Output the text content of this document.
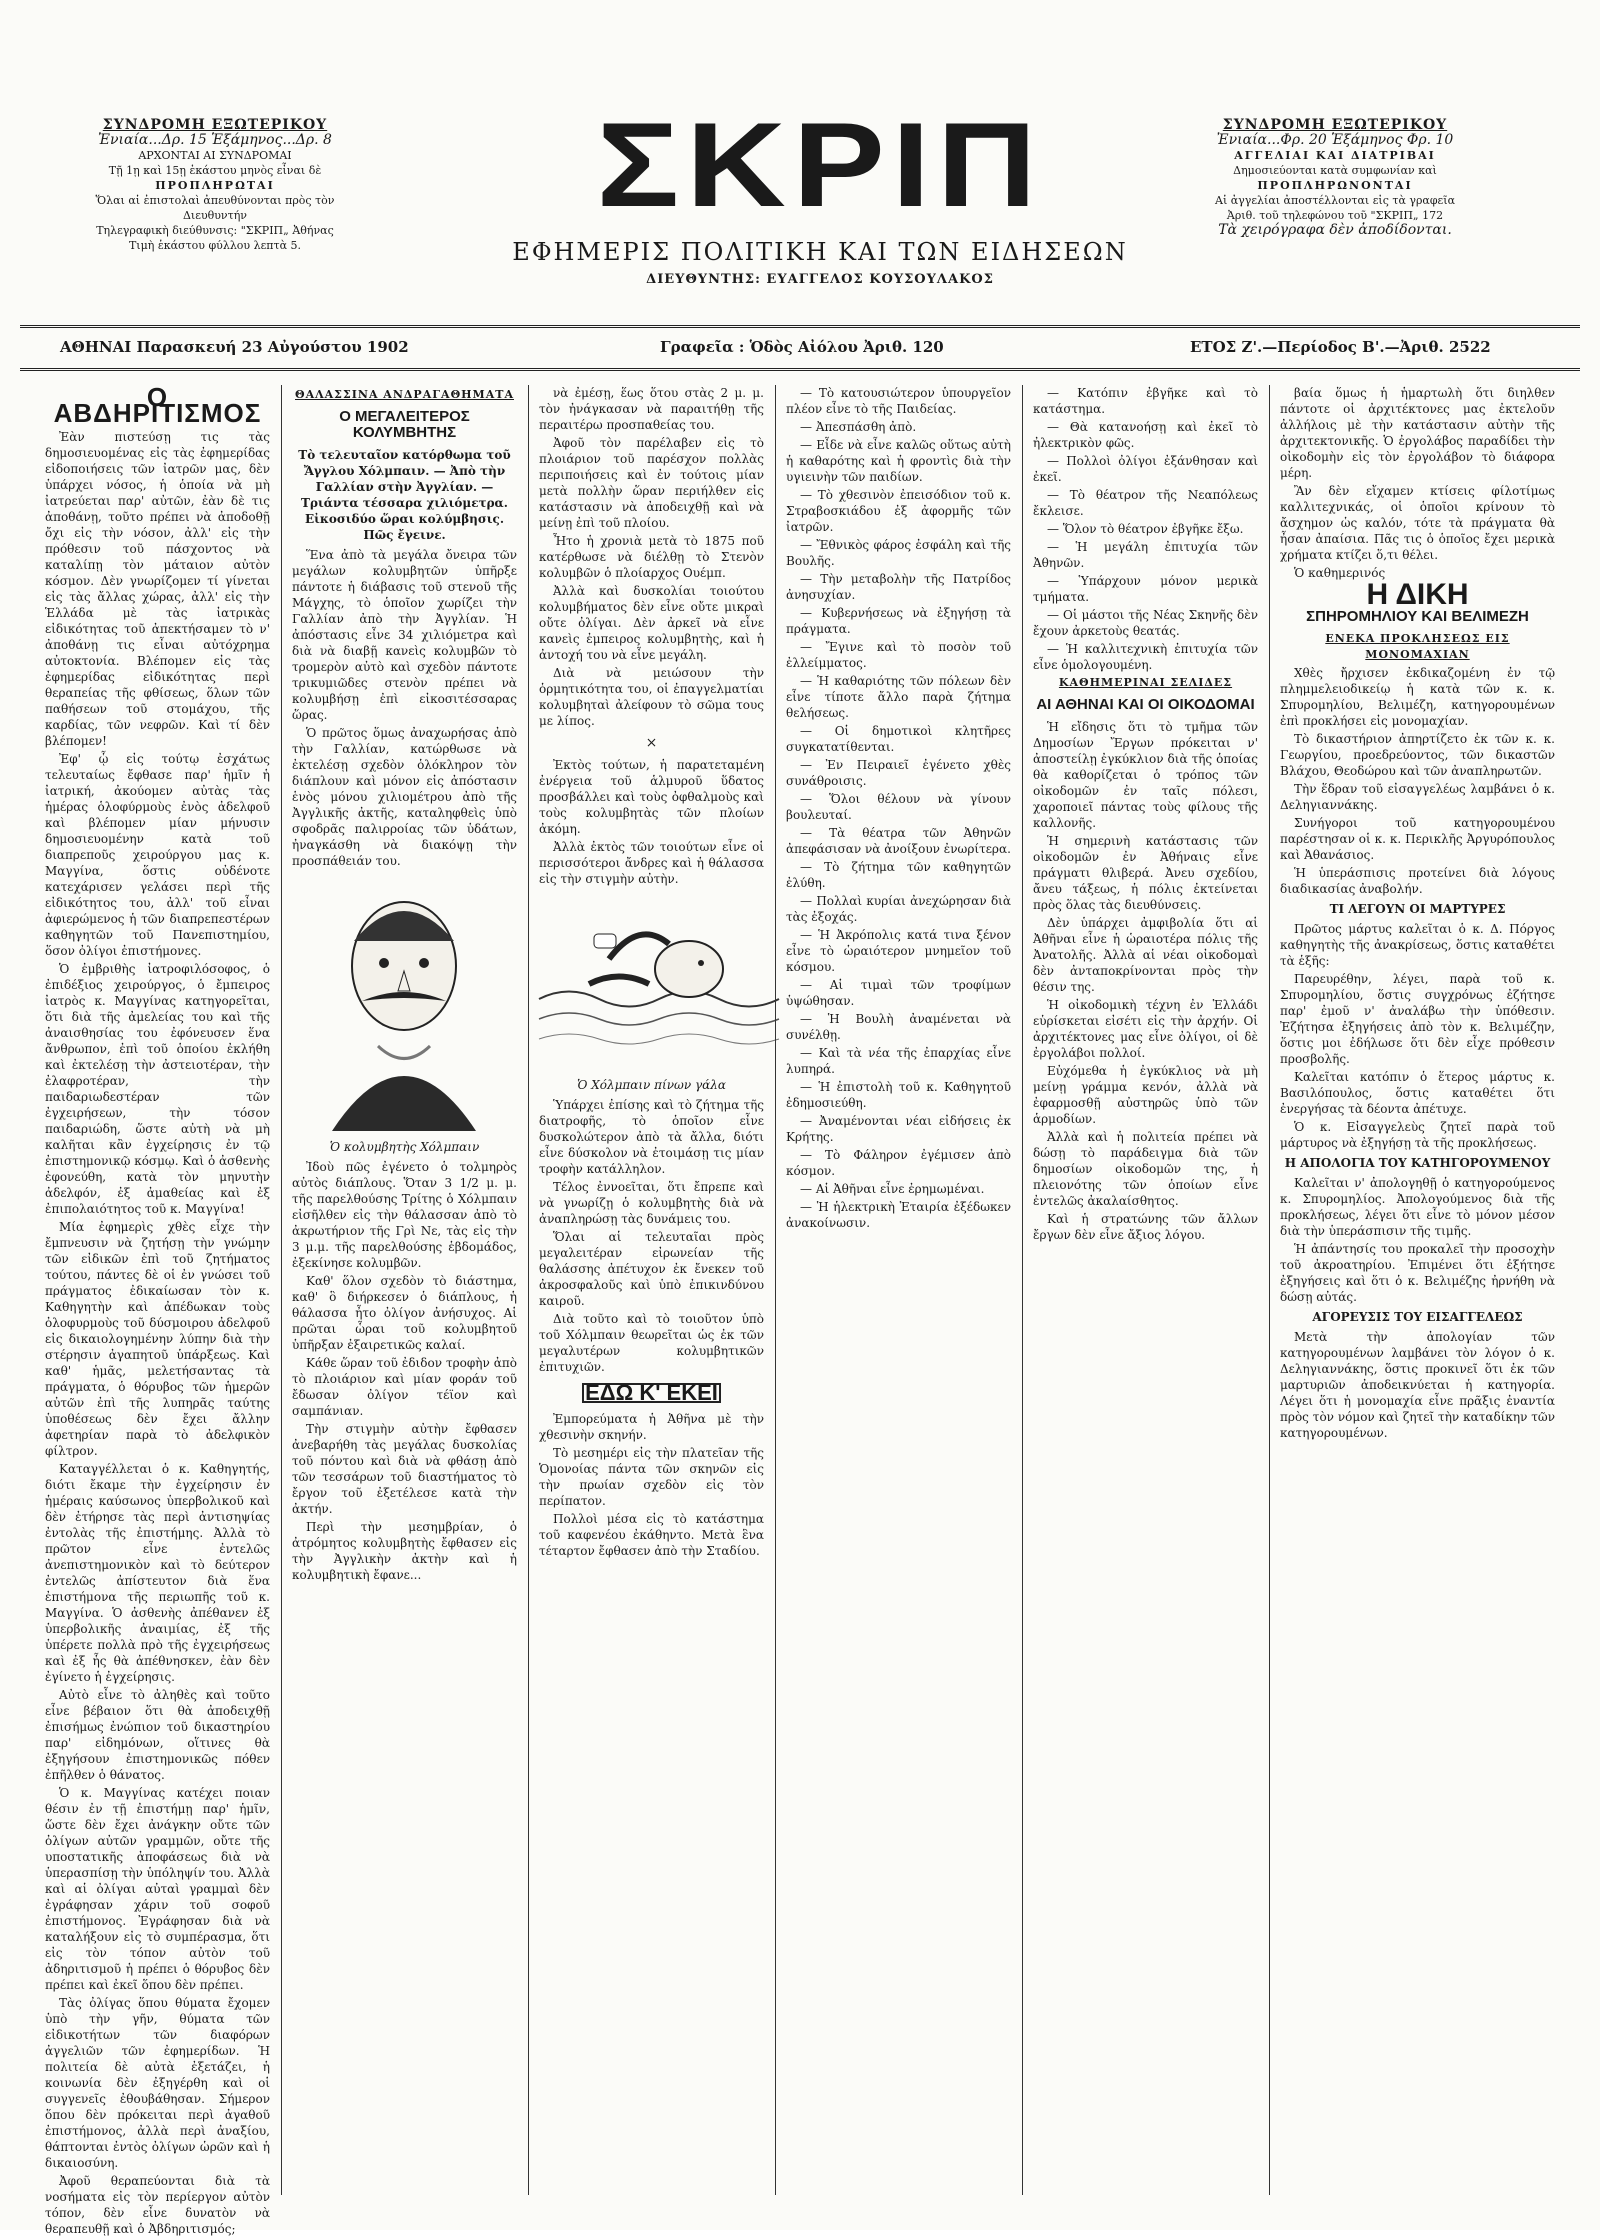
ΣΥΝΔΡΟΜΗ ΕΞΩΤΕΡΙΚΟΥ
Ἐνιαία...Δρ. 15 Ἑξάμηνος...Δρ. 8
ΑΡΧΟΝΤΑΙ ΑΙ ΣΥΝΔΡΟΜΑΙ
Τῇ 1ῃ καὶ 15ῃ ἑκάστου μηνὸς εἶναι δὲ
ΠΡΟΠΛΗΡΩΤΑΙ
Ὅλαι αἱ ἐπιστολαὶ ἀπευθύνονται πρὸς τὸν Διευθυντήν
Τηλεγραφικὴ διεύθυνσις: "ΣΚΡΙΠ„ Ἀθήνας
Τιμὴ ἑκάστου φύλλου λεπτὰ 5.
ΣΚΡΙΠ
ΕΦΗΜΕΡΙΣ ΠΟΛΙΤΙΚΗ ΚΑΙ ΤΩΝ ΕΙΔΗΣΕΩΝ
ΔΙΕΥΘΥΝΤΗΣ: ΕΥΑΓΓΕΛΟΣ ΚΟΥΣΟΥΛΑΚΟΣ
ΣΥΝΔΡΟΜΗ ΕΞΩΤΕΡΙΚΟΥ
Ἐνιαία...Φρ. 20 Ἑξάμηνος Φρ. 10
ΑΓΓΕΛΙΑΙ ΚΑΙ ΔΙΑΤΡΙΒΑΙ
Δημοσιεύονται κατὰ συμφωνίαν καὶ
ΠΡΟΠΛΗΡΩΝΟΝΤΑΙ
Αἱ ἀγγελίαι ἀποστέλλονται εἰς τὰ γραφεῖα
Ἀριθ. τοῦ τηλεφώνου τοῦ "ΣΚΡΙΠ„ 172
Τὰ χειρόγραφα δὲν ἀποδίδονται.
ΑΘΗΝΑΙ Παρασκευή 23 Αὐγούστου 1902	Γραφεῖα : Ὁδὸς Αἰόλου Ἀριθ. 120	ΕΤΟΣ Ζ'.—Περίοδος Β'.—Ἀριθ. 2522
Ο ΑΒΔΗΡΙΤΙΣΜΟΣ

Ἐὰν πιστεύσῃ τις τὰς δημοσιευομένας εἰς τὰς ἐφημερίδας εἰδοποιήσεις τῶν ἰατρῶν μας, δὲν ὑπάρχει νόσος, ἡ ὁποία νὰ μὴ ἰατρεύεται παρ' αὐτῶν, ἐὰν δὲ τις ἀποθάνῃ, τοῦτο πρέπει νὰ ἀποδοθῇ ὄχι εἰς τὴν νόσον, ἀλλ' εἰς τὴν πρόθεσιν τοῦ πάσχοντος νὰ καταλίπῃ τὸν μάταιον αὐτὸν κόσμον. Δὲν γνωρίζομεν τί γίνεται εἰς τὰς ἄλλας χώρας, ἀλλ' εἰς τὴν Ἑλλάδα μὲ τὰς ἰατρικὰς εἰδικότητας τοῦ ἀπεκτήσαμεν τὸ ν' ἀποθάνῃ τις εἶναι αὐτόχρημα αὐτοκτονία. Βλέπομεν εἰς τὰς ἐφημερίδας εἰδικότητας περὶ θεραπείας τῆς φθίσεως, ὅλων τῶν παθήσεων τοῦ στομάχου, τῆς καρδίας, τῶν νεφρῶν. Καὶ τί δὲν βλέπομεν!

Ἐφ' ᾧ εἰς τούτῳ ἐσχάτως τελευταίως ἔφθασε παρ' ἡμῖν ἡ ἰατρική, ἀκούομεν αὐτὰς τὰς ἡμέρας ὁλοφύρμοὺς ἐνὸς ἀδελφοῦ καὶ βλέπομεν μίαν μήνυσιν δημοσιευομένην κατὰ τοῦ διαπρεποῦς χειρούργου μας κ. Μαγγίνα, ὅστις οὐδένοτε κατεχάρισεν γελάσει περὶ τῆς εἰδικότητος του, ἀλλ' τοῦ εἶναι ἀφιερώμενος ἡ τῶν διαπρεπεστέρων καθηγητῶν τοῦ Πανεπιστημίου, ὅσον ὀλίγοι ἐπιστήμονες.

Ὁ ἐμβριθὴς ἰατροφιλόσοφος, ὁ ἐπιδέξιος χειρούργος, ὁ ἔμπειρος ἰατρὸς κ. Μαγγίνας κατηγορεῖται, ὅτι διὰ τῆς ἀμελείας του καὶ τῆς ἀναισθησίας του ἐφόνευσεν ἕνα ἄνθρωπον, ἐπὶ τοῦ ὁποίου ἐκλήθη καὶ ἐκτελέσῃ τὴν ἀστειοτέραν, τὴν ἐλαφροτέραν, τὴν παιδαριωδεστέραν τῶν ἐγχειρήσεων, τὴν τόσον παιδαριώδη, ὥστε αὐτὴ νὰ μὴ καλῆται κἂν ἐγχείρησις ἐν τῷ ἐπιστημονικῷ κόσμῳ. Καὶ ὁ ἀσθενὴς ἐφονεύθη, κατὰ τὸν μηνυτὴν ἀδελφόν, ἐξ ἀμαθείας καὶ ἐξ ἐπιπολαιότητος τοῦ κ. Μαγγίνα!

Μία ἐφημερὶς χθὲς εἶχε τὴν ἔμπνευσιν νὰ ζητήσῃ τὴν γνώμην τῶν εἰδικῶν ἐπὶ τοῦ ζητήματος τούτου, πάντες δὲ οἱ ἐν γνώσει τοῦ πράγματος ἐδικαίωσαν τὸν κ. Καθηγητὴν καὶ ἀπέδωκαν τοὺς ὀλοφυρμοὺς τοῦ δύσμοιρου ἀδελφοῦ εἰς δικαιολογημένην λύπην διὰ τὴν στέρησιν ἀγαπητοῦ ὑπάρξεως. Καὶ καθ' ἡμᾶς, μελετήσαντας τὰ πράγματα, ὁ θόρυβος τῶν ἡμερῶν αὐτῶν ἐπὶ τῆς λυπηρᾶς ταύτης ὑποθέσεως δὲν ἔχει ἄλλην ἀφετηρίαν παρὰ τὸ ἀδελφικὸν φίλτρον.

Καταγγέλλεται ὁ κ. Καθηγητής, διότι ἔκαμε τὴν ἐγχείρησιν ἐν ἡμέραις καύσωνος ὑπερβολικοῦ καὶ δὲν ἐτήρησε τὰς περὶ ἀντισηψίας ἐντολὰς τῆς ἐπιστήμης. Ἀλλὰ τὸ πρῶτον εἶνε ἐντελῶς ἀνεπιστημονικὸν καὶ τὸ δεύτερον ἐντελῶς ἀπίστευτον διὰ ἕνα ἐπιστήμονα τῆς περιωπῆς τοῦ κ. Μαγγίνα. Ὁ ἀσθενὴς ἀπέθανεν ἐξ ὑπερβολικῆς ἀναιμίας, ἐξ τῆς ὑπέρετε πολλὰ πρὸ τῆς ἐγχειρήσεως καὶ ἐξ ἧς θὰ ἀπέθνησκεν, ἐὰν δὲν ἐγίνετο ἡ ἐγχείρησις.

Αὐτὸ εἶνε τὸ ἀληθὲς καὶ τοῦτο εἶνε βέβαιον ὅτι θὰ ἀποδειχθῇ ἐπισήμως ἐνώπιον τοῦ δικαστηρίου παρ' εἰδημόνων, οἵτινες θὰ ἐξηγήσουν ἐπιστημονικῶς πόθεν ἐπῆλθεν ὁ θάνατος.

Ὁ κ. Μαγγίνας κατέχει ποιαν θέσιν ἐν τῇ ἐπιστήμῃ παρ' ἡμῖν, ὥστε δὲν ἔχει ἀνάγκην οὔτε τῶν ὀλίγων αὐτῶν γραμμῶν, οὔτε τῆς υποστατικῆς ἀποφάσεως διὰ νὰ ὑπερασπίσῃ τὴν ὑπόληψίν του. Ἀλλὰ καὶ αἱ ὀλίγαι αὐταὶ γραμμαὶ δὲν ἐγράφησαν χάριν τοῦ σοφοῦ ἐπιστήμονος. Ἐγράφησαν διὰ νὰ καταλήξουν εἰς τὸ συμπέρασμα, ὅτι εἰς τὸν τόπον αὐτὸν τοῦ ἀδηριτισμοῦ ἡ πρέπει ὁ θόρυβος δὲν πρέπει καὶ ἐκεῖ ὅπου δὲν πρέπει.

Τὰς ὀλίγας ὅπου θύματα ἔχομεν ὑπὸ τὴν γῆν, θύματα τῶν εἰδικοτήτων τῶν διαφόρων ἀγγελιῶν τῶν ἐφημερίδων. Ἡ πολιτεία δὲ αὐτὰ ἐξετάζει, ἡ κοινωνία δὲν ἐξηγέρθη καὶ οἱ συγγενεῖς ἐθουβάθησαν. Σήμερον ὅπου δὲν πρόκειται περὶ ἀγαθοῦ ἐπιστήμονος, ἀλλὰ περὶ ἀναξίου, θάπτονται ἐντὸς ὀλίγων ὡρῶν καὶ ἡ δικαιοσύνη.

Ἀφοῦ θεραπεύονται διὰ τὰ νοσήματα εἰς τὸν περίεργον αὐτὸν τόπον, δὲν εἶνε δυνατὸν νὰ θεραπευθῇ καὶ ὁ Ἀβδηριτισμός;

ΘΑΛΑΣΣΙΝΑ ΑΝΔΡΑΓΑΘΗΜΑΤΑ
Ο ΜΕΓΑΛΕΙΤΕΡΟΣ ΚΟΛΥΜΒΗΤΗΣ
Τὸ τελευταῖον κατόρθωμα τοῦ Ἄγγλου Χόλμπαιν. — Ἀπὸ τὴν Γαλλίαν στὴν Ἀγγλίαν. — Τριάντα τέσσαρα χιλιόμετρα. Εἰκοσιδύο ὥραι κολύμβησις. Πῶς ἔγεινε.

Ἕνα ἀπὸ τὰ μεγάλα ὄνειρα τῶν μεγάλων κολυμβητῶν ὑπῆρξε πάντοτε ἡ διάβασις τοῦ στενοῦ τῆς Μάγχης, τὸ ὁποῖον χωρίζει τὴν Γαλλίαν ἀπὸ τὴν Ἀγγλίαν. Ἡ ἀπόστασις εἶνε 34 χιλιόμετρα καὶ διὰ νὰ διαβῇ κανεὶς κολυμβῶν τὸ τρομερὸν αὐτὸ καὶ σχεδὸν πάντοτε τρικυμιῶδες στενὸν πρέπει νὰ κολυμβήσῃ ἐπὶ εἰκοσιτέσσαρας ὥρας.

Ὁ πρῶτος ὅμως ἀναχωρήσας ἀπὸ τὴν Γαλλίαν, κατώρθωσε νὰ ἐκτελέσῃ σχεδὸν ὁλόκληρον τὸν διάπλουν καὶ μόνον εἰς ἀπόστασιν ἑνὸς μόνου χιλιομέτρου ἀπὸ τῆς Ἀγγλικῆς ἀκτῆς, καταληφθεὶς ὑπὸ σφοδρᾶς παλιρροίας τῶν ὑδάτων, ἠναγκάσθη νὰ διακόψῃ τὴν προσπάθειάν του.

Ὁ κολυμβητὴς Χόλμπαιν

Ἰδοὺ πῶς ἐγένετο ὁ τολμηρὸς αὐτὸς διάπλους. Ὅταν 3 1/2 μ. μ. τῆς παρελθούσης Τρίτης ὁ Χόλμπαιν εἰσῆλθεν εἰς τὴν θάλασσαν ἀπὸ τὸ ἀκρωτήριον τῆς Γρὶ Νε, τὰς εἰς τὴν 3 μ.μ. τῆς παρελθούσης ἑβδομάδος, ἐξεκίνησε κολυμβῶν.

Καθ' ὅλον σχεδὸν τὸ διάστημα, καθ' ὃ διήρκεσεν ὁ διάπλους, ἡ θάλασσα ἦτο ὀλίγον ἀνήσυχος. Αἱ πρῶται ὧραι τοῦ κολυμβητοῦ ὑπῆρξαν ἐξαιρετικῶς καλαί.

Κάθε ὥραν τοῦ ἐδιδον τροφὴν ἀπὸ τὸ πλοιάριον καὶ μίαν φοράν τοῦ ἔδωσαν ὀλίγον τέϊον καὶ σαμπάνιαν.

Τὴν στιγμὴν αὐτὴν ἔφθασεν ἀνεβαρήθη τὰς μεγάλας δυσκολίας τοῦ πόντου καὶ διὰ νὰ φθάσῃ ἀπὸ τῶν τεσσάρων τοῦ διαστήματος τὸ ἔργον τοῦ ἐξετέλεσε κατὰ τὴν ἀκτήν.

Περὶ τὴν μεσημβρίαν, ὁ ἀτρόμητος κολυμβητὴς ἔφθασεν εἰς τὴν Ἀγγλικὴν ἀκτὴν καὶ ἡ κολυμβητικὴ ἔφανε...

νὰ ἐμέσῃ, ἕως ὅτου στὰς 2 μ. μ. τὸν ἠνάγκασαν νὰ παραιτήθῃ τῆς περαιτέρω προσπαθείας του.

Ἀφοῦ τὸν παρέλαβεν εἰς τὸ πλοιάριον τοῦ παρέσχον πολλὰς περιποιήσεις καὶ ἐν τούτοις μίαν μετὰ πολλὴν ὥραν περιήλθεν εἰς κατάστασιν νὰ ἀποδειχθῇ καὶ νὰ μείνῃ ἐπὶ τοῦ πλοίου.

Ἦτο ἡ χρονιὰ μετὰ τὸ 1875 ποῦ κατέρθωσε νὰ διέλθῃ τὸ Στενὸν κολυμβῶν ὁ πλοίαρχος Ουέμπ.

Ἀλλὰ καὶ δυσκολίαι τοιούτου κολυμβήματος δὲν εἶνε οὔτε μικραὶ οὔτε ὀλίγαι. Δὲν ἀρκεῖ νὰ εἶνε κανεὶς ἐμπειρος κολυμβητὴς, καὶ ἡ ἀντοχή του νὰ εἶνε μεγάλη.

Διὰ νὰ μειώσουν τὴν ὁρμητικότητα του, οἱ ἐπαγγελματίαι κολυμβηταὶ ἀλείφουν τὸ σῶμα τους με λίπος.

×

Ἐκτὸς τούτων, ἡ παρατεταμένη ἐνέργεια τοῦ ἁλμυροῦ ὕδατος προσβάλλει καὶ τοὺς ὀφθαλμοὺς καὶ τοὺς κολυμβητὰς τῶν πλοίων ἀκόμη.

Ἀλλὰ ἐκτὸς τῶν τοιούτων εἶνε οἱ περισσότεροι ἄνδρες καὶ ἡ θάλασσα εἰς τὴν στιγμὴν αὐτὴν.

Ὁ Χόλμπαιν πίνων γάλα

Ὑπάρχει ἐπίσης καὶ τὸ ζήτημα τῆς διατροφῆς, τὸ ὁποῖον εἶνε δυσκολώτερον ἀπὸ τὰ ἄλλα, διότι εἶνε δύσκολον νὰ ἐτοιμάσῃ τις μίαν τροφὴν κατάλληλον.

Τέλος ἐννοεῖται, ὅτι ἔπρεπε καὶ νὰ γνωρίζῃ ὁ κολυμβητὴς διὰ νὰ ἀναπληρώσῃ τὰς δυνάμεις του.

Ὅλαι αἱ τελευταῖαι πρὸς μεγαλειτέραν εἰρωνείαν τῆς θαλάσσης ἀπέτυχον ἐκ ἔνεκεν τοῦ ἀκροσφαλοῦς καὶ ὑπὸ ἐπικινδύνου καιροῦ.

Διὰ τοῦτο καὶ τὸ τοιοῦτον ὑπὸ τοῦ Χόλμπαιν θεωρεῖται ὡς ἐκ τῶν μεγαλυτέρων κολυμβητικῶν ἐπιτυχιῶν.

ΕΔΩ Κ' ΕΚΕΙ

Ἐμπορεύματα ἡ Ἀθῆνα μὲ τὴν χθεσινὴν σκηνήν.

Τὸ μεσημέρι εἰς τὴν πλατεῖαν τῆς Ὁμονοίας πάντα τῶν σκηνῶν εἰς τὴν πρωίαν σχεδὸν εἰς τὸν περίπατον.

Πολλοὶ μέσα εἰς τὸ κατάστημα τοῦ καφενέου ἐκάθηντο. Μετὰ ἓνα τέταρτον ἔφθασεν ἀπὸ τὴν Σταδίου.

— Τὸ κατουσιώτερον ὑπουργεῖον πλέον εἶνε τὸ τῆς Παιδείας.

— Ἀπεσπάσθη ἀπὸ.

— Εἶδε νὰ εἶνε καλῶς οὕτως αὐτὴ ἡ καθαρότης καὶ ἡ φροντὶς διὰ τὴν υγιεινὴν τῶν παιδίων.

— Τὸ χθεσινὸν ἐπεισόδιον τοῦ κ. Στραβοσκιάδου ἐξ ἀφορμῆς τῶν ἰατρῶν.

— Ἔθνικὸς φάρος ἐσφάλη καὶ τῆς Βουλῆς.

— Τὴν μεταβολὴν τῆς Πατρίδος ἀνησυχίαν.

— Κυβερνήσεως νὰ ἐξηγήσῃ τὰ πράγματα.

— Ἔγινε καὶ τὸ ποσὸν τοῦ ἐλλείμματος.

— Ἡ καθαριότης τῶν πόλεων δὲν εἶνε τίποτε ἄλλο παρὰ ζήτημα θελήσεως.

— Οἱ δημοτικοὶ κλητῆρες συγκατατίθενται.

— Ἐν Πειραιεῖ ἐγένετο χθὲς συνάθροισις.

— Ὅλοι θέλουν νὰ γίνουν βουλευταί.

— Τὰ θέατρα τῶν Ἀθηνῶν ἀπεφάσισαν νὰ ἀνοίξουν ἐνωρίτερα.

— Τὸ ζήτημα τῶν καθηγητῶν ἐλύθη.

— Πολλαὶ κυρίαι ἀνεχώρησαν διὰ τὰς ἐξοχάς.

— Ἡ Ἀκρόπολις κατά τινα ξένον εἶνε τὸ ὡραιότερον μνημεῖον τοῦ κόσμου.

— Αἱ τιμαὶ τῶν τροφίμων ὑψώθησαν.

— Ἡ Βουλὴ ἀναμένεται νὰ συνέλθῃ.

— Καὶ τὰ νέα τῆς ἐπαρχίας εἶνε λυπηρά.

— Ἡ ἐπιστολὴ τοῦ κ. Καθηγητοῦ ἐδημοσιεύθη.

— Ἀναμένονται νέαι εἰδήσεις ἐκ Κρήτης.

— Τὸ Φάληρον ἐγέμισεν ἀπὸ κόσμον.

— Αἱ Ἀθῆναι εἶνε ἐρημωμέναι.

— Ἡ ἡλεκτρικὴ Ἑταιρία ἐξέδωκεν ἀνακοίνωσιν.

— Κατόπιν ἐβγῆκε καὶ τὸ κατάστημα.

— Θὰ κατανοήσῃ καὶ ἐκεῖ τὸ ἠλεκτρικὸν φῶς.

— Πολλοὶ ὀλίγοι ἐξάνθησαν καὶ ἐκεῖ.

— Τὸ θέατρον τῆς Νεαπόλεως ἔκλεισε.

— Ὅλον τὸ θέατρον ἐβγῆκε ἔξω.

— Ἡ μεγάλη ἐπιτυχία τῶν Ἀθηνῶν.

— Ὑπάρχουν μόνον μερικὰ τμήματα.

— Οἱ μάστοι τῆς Νέας Σκηνῆς δὲν ἔχουν ἀρκετοὺς θεατάς.

— Ἡ καλλιτεχνικὴ ἐπιτυχία τῶν εἶνε ὁμολογουμένη.

ΚΑΘΗΜΕΡΙΝΑΙ ΣΕΛΙΔΕΣ
ΑΙ ΑΘΗΝΑΙ ΚΑΙ ΟΙ ΟΙΚΟΔΟΜΑΙ

Ἡ εἴδησις ὅτι τὸ τμῆμα τῶν Δημοσίων Ἔργων πρόκειται ν' ἀποστείλῃ ἐγκύκλιον διὰ τῆς ὁποίας θὰ καθορίζεται ὁ τρόπος τῶν οἰκοδομῶν ἐν ταῖς πόλεσι, χαροποιεῖ πάντας τοὺς φίλους τῆς καλλονῆς.

Ἡ σημερινὴ κατάστασις τῶν οἰκοδομῶν ἐν Ἀθήναις εἶνε πράγματι θλιβερά. Ἀνευ σχεδίου, ἄνευ τάξεως, ἡ πόλις ἐκτείνεται πρὸς ὅλας τὰς διευθύνσεις.

Δὲν ὑπάρχει ἀμφιβολία ὅτι αἱ Ἀθῆναι εἶνε ἡ ὡραιοτέρα πόλις τῆς Ἀνατολῆς. Ἀλλὰ αἱ νέαι οἰκοδομαὶ δὲν ἀνταποκρίνονται πρὸς τὴν θέσιν της.

Ἡ οἰκοδομικὴ τέχνη ἐν Ἑλλάδι εὑρίσκεται εἰσέτι εἰς τὴν ἀρχήν. Οἱ ἀρχιτέκτονες μας εἶνε ὀλίγοι, οἱ δὲ ἐργολάβοι πολλοί.

Εὐχόμεθα ἡ ἐγκύκλιος νὰ μὴ μείνῃ γράμμα κενόν, ἀλλὰ νὰ ἐφαρμοσθῇ αὐστηρῶς ὑπὸ τῶν ἁρμοδίων.

Ἀλλὰ καὶ ἡ πολιτεία πρέπει νὰ δώσῃ τὸ παράδειγμα διὰ τῶν δημοσίων οἰκοδομῶν της, ἡ πλειονότης τῶν ὁποίων εἶνε ἐντελῶς ἀκαλαίσθητος.

Καὶ ἡ στρατώνης τῶν ἄλλων ἔργων δὲν εἶνε ἄξιος λόγου.

βαία ὅμως ἡ ἡμαρτωλὴ ὅτι διηλθεν πάντοτε οἱ ἀρχιτέκτονες μας ἐκτελοῦν ἀλλήλοις μὲ τὴν κατάστασιν αὐτὴν τῆς ἀρχιτεκτονικῆς. Ὁ ἐργολάβος παραδίδει τὴν οἰκοδομὴν εἰς τὸν ἐργολάβον τὸ διάφορα μέρη.

Ἂν δὲν εἴχαμεν κτίσεις φίλοτίμως καλλιτεχνικάς, οἱ ὁποῖοι κρίνουν τὸ ἄσχημον ὡς καλόν, τότε τὰ πράγματα θὰ ἦσαν ἀπαίσια. Πᾶς τις ὁ ὁποῖος ἔχει μερικὰ χρήματα κτίζει ὅ,τι θέλει.

Ὁ καθημερινός

Η ΔΙΚΗ
ΣΠΗΡΟΜΗΛΙΟΥ ΚΑΙ ΒΕΛΙΜΕΖΗ
ΕΝΕΚΑ ΠΡΟΚΛΗΣΕΩΣ ΕΙΣ ΜΟΝΟΜΑΧΙΑΝ

Χθὲς ἤρχισεν ἐκδικαζομένη ἐν τῷ πλημμελειοδικείῳ ἡ κατὰ τῶν κ. κ. Σπυρομηλίου, Βελιμέζη, κατηγορουμένων ἐπὶ προκλήσει εἰς μονομαχίαν.

Τὸ δικαστήριον ἀπηρτίζετο ἐκ τῶν κ. κ. Γεωργίου, προεδρεύοντος, τῶν δικαστῶν Βλάχου, Θεοδώρου καὶ τῶν ἀναπληρωτῶν.

Τὴν ἕδραν τοῦ εἰσαγγελέως λαμβάνει ὁ κ. Δεληγιαννάκης.

Συνήγοροι τοῦ κατηγορουμένου παρέστησαν οἱ κ. κ. Περικλῆς Ἀργυρόπουλος καὶ Ἀθανάσιος.

Ἡ ὑπεράσπισις προτείνει διὰ λόγους διαδικασίας ἀναβολήν.

ΤΙ ΛΕΓΟΥΝ ΟΙ ΜΑΡΤΥΡΕΣ

Πρῶτος μάρτυς καλεῖται ὁ κ. Δ. Πόργος καθηγητὴς τῆς ἀνακρίσεως, ὅστις καταθέτει τὰ ἑξῆς:

Παρευρέθην, λέγει, παρὰ τοῦ κ. Σπυρομηλίου, ὅστις συγχρόνως ἐζήτησε παρ' ἐμοῦ ν' ἀναλάβω τὴν ὑπόθεσιν. Ἐζήτησα ἐξηγήσεις ἀπὸ τὸν κ. Βελιμέζην, ὅστις μοι ἐδήλωσε ὅτι δὲν εἶχε πρόθεσιν προσβολῆς.

Καλεῖται κατόπιν ὁ ἕτερος μάρτυς κ. Βασιλόπουλος, ὅστις καταθέτει ὅτι ἐνεργήσας τὰ δέοντα ἀπέτυχε.

Ὁ κ. Εἰσαγγελεὺς ζητεῖ παρὰ τοῦ μάρτυρος νὰ ἐξηγήσῃ τὰ τῆς προκλήσεως.

Η ΑΠΟΛΟΓΙΑ ΤΟΥ ΚΑΤΗΓΟΡΟΥΜΕΝΟΥ

Καλεῖται ν' ἀπολογηθῇ ὁ κατηγορούμενος κ. Σπυρομηλίος. Ἀπολογούμενος διὰ τῆς προκλήσεως, λέγει ὅτι εἶνε τὸ μόνον μέσον διὰ τὴν ὑπεράσπισιν τῆς τιμῆς.

Ἡ ἀπάντησίς του προκαλεῖ τὴν προσοχὴν τοῦ ἀκροατηρίου. Ἐπιμένει ὅτι ἐξήτησε ἐξηγήσεις καὶ ὅτι ὁ κ. Βελιμέζης ἠρνήθη νὰ δώσῃ αὐτάς.

ΑΓΟΡΕΥΣΙΣ ΤΟΥ ΕΙΣΑΓΓΕΛΕΩΣ

Μετὰ τὴν ἀπολογίαν τῶν κατηγορουμένων λαμβάνει τὸν λόγον ὁ κ. Δεληγιαννάκης, ὅστις προκινεῖ ὅτι ἐκ τῶν μαρτυριῶν ἀποδεικνύεται ἡ κατηγορία. Λέγει ὅτι ἡ μονομαχία εἶνε πρᾶξις ἐναντία πρὸς τὸν νόμον καὶ ζητεῖ τὴν καταδίκην τῶν κατηγορουμένων.
